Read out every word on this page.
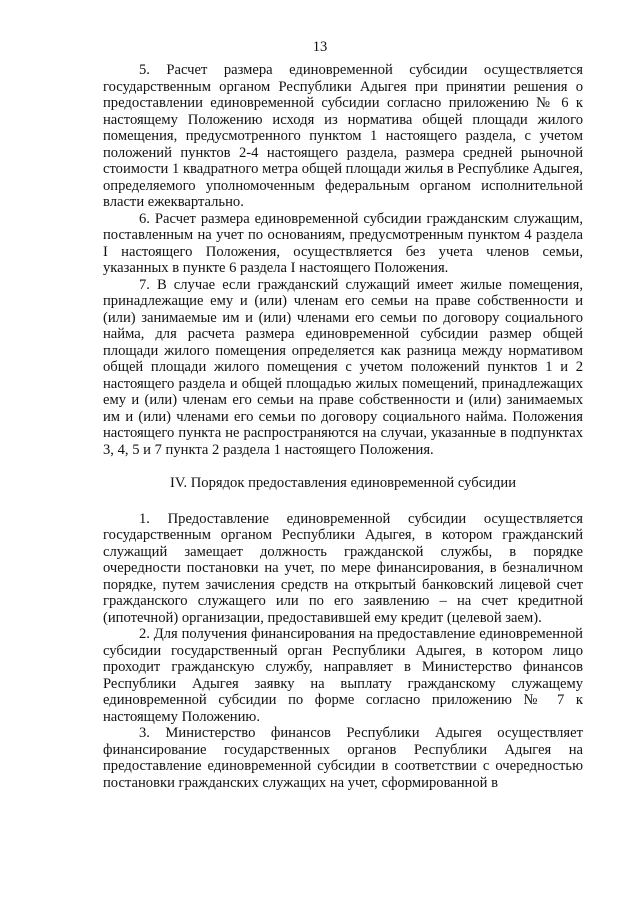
13

5. Расчет размера единовременной субсидии осуществляется государственным органом Республики Адыгея при принятии решения о предоставлении единовременной субсидии согласно приложению № 6 к настоящему Положению исходя из норматива общей площади жилого помещения, предусмотренного пунктом 1 настоящего раздела, с учетом положений пунктов 2-4 настоящего раздела, размера средней рыночной стоимости 1 квадратного метра общей площади жилья в Республике Адыгея, определяемого уполномоченным федеральным органом исполнительной власти ежеквартально.

6. Расчет размера единовременной субсидии гражданским служащим, поставленным на учет по основаниям, предусмотренным пунктом 4 раздела I настоящего Положения, осуществляется без учета членов семьи, указанных в пункте 6 раздела I настоящего Положения.

7. В случае если гражданский служащий имеет жилые помещения, принадлежащие ему и (или) членам его семьи на праве собственности и (или) занимаемые им и (или) членами его семьи по договору социального найма, для расчета размера единовременной субсидии размер общей площади жилого помещения определяется как разница между нормативом общей площади жилого помещения с учетом положений пунктов 1 и 2 настоящего раздела и общей площадью жилых помещений, принадлежащих ему и (или) членам его семьи на праве собственности и (или) занимаемых им и (или) членами его семьи по договору социального найма. Положения настоящего пункта не распространяются на случаи, указанные в подпунктах 3, 4, 5 и 7 пункта 2 раздела 1 настоящего Положения.

IV. Порядок предоставления единовременной субсидии

1. Предоставление единовременной субсидии осуществляется государственным органом Республики Адыгея, в котором гражданский служащий замещает должность гражданской службы, в порядке очередности постановки на учет, по мере финансирования, в безналичном порядке, путем зачисления средств на открытый банковский лицевой счет гражданского служащего или по его заявлению – на счет кредитной (ипотечной) организации, предоставившей ему кредит (целевой заем).

2. Для получения финансирования на предоставление единовременной субсидии государственный орган Республики Адыгея, в котором лицо проходит гражданскую службу, направляет в Министерство финансов Республики Адыгея заявку на выплату гражданскому служащему единовременной субсидии по форме согласно приложению № 7 к настоящему Положению.

3. Министерство финансов Республики Адыгея осуществляет финансирование государственных органов Республики Адыгея на предоставление единовременной субсидии в соответствии с очередностью постановки гражданских служащих на учет, сформированной в
